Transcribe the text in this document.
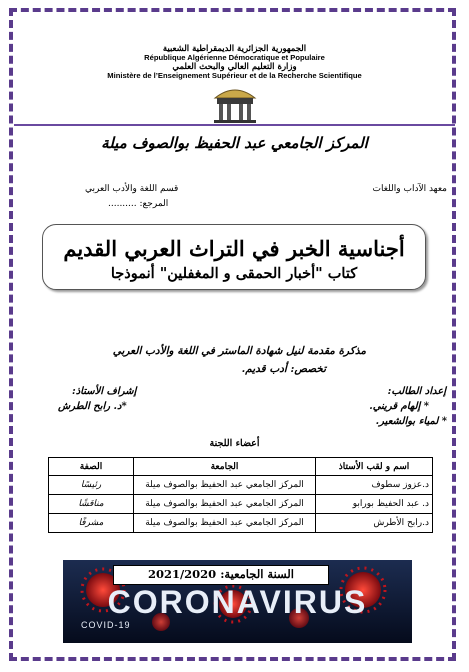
الجمهورية الجزائرية الديمقراطية الشعبية
République Algérienne Démocratique et Populaire
وزارة التعليم العالي والبحث العلمي
Ministère de l’Enseignement Supérieur et de la Recherche Scientifique
المركز الجامعي عبد الحفيظ بوالصوف ميلة
معهد الآداب واللغات
قسم اللغة والأدب العربي
المرجع: ..........
أجناسية الخبر في التراث العربي القديم
كتاب "أخبار الحمقى و المغفلين" أنموذجا
مذكرة مقدمة لنيل شهادة الماستر في اللغة والأدب العربي
تخصص: أدب قديم.
إعداد الطالب:
* إلهام قريني.
* لمياء بوالشعير.
إشراف الأستاذ:
*د. رابح الطرش
أعضاء اللجنة
اسم و لقب الأستاذ	الجامعة	الصفة
د.عزوز سطوف	المركز الجامعي عبد الحفيظ بوالصوف ميلة	رئيسًا
د. عبد الحفيظ بورابو	المركز الجامعي عبد الحفيظ بوالصوف ميلة	مناقشًا
د.رابح الأطرش	المركز الجامعي عبد الحفيظ بوالصوف ميلة	مشرفًا
السنة الجامعية: 2021/2020
CORONAVIRUS
COVID-19
